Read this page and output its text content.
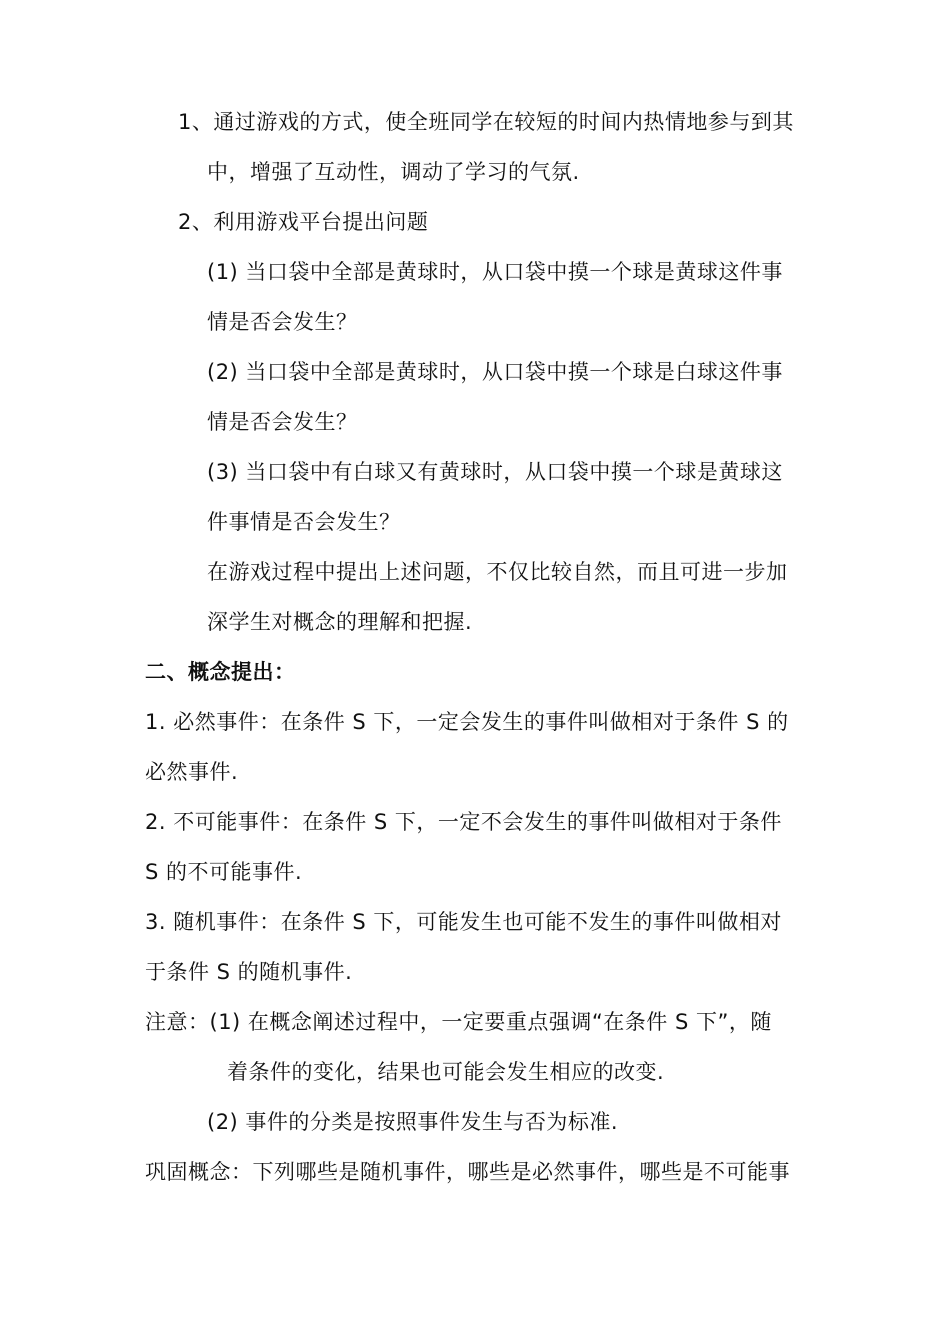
1、通过游戏的方式，使全班同学在较短的时间内热情地参与到其
中，增强了互动性，调动了学习的气氛.
2、利用游戏平台提出问题
(1) 当口袋中全部是黄球时，从口袋中摸一个球是黄球这件事
情是否会发生？
(2) 当口袋中全部是黄球时，从口袋中摸一个球是白球这件事
情是否会发生？
(3) 当口袋中有白球又有黄球时，从口袋中摸一个球是黄球这
件事情是否会发生？
在游戏过程中提出上述问题，不仅比较自然，而且可进一步加
深学生对概念的理解和把握.
二、概念提出：
1. 必然事件：在条件 S 下，一定会发生的事件叫做相对于条件 S 的
必然事件.
2. 不可能事件：在条件 S 下，一定不会发生的事件叫做相对于条件
S 的不可能事件.
3. 随机事件：在条件 S 下，可能发生也可能不发生的事件叫做相对
于条件 S 的随机事件.
注意：(1) 在概念阐述过程中，一定要重点强调“在条件 S 下”，随
着条件的变化，结果也可能会发生相应的改变.
(2) 事件的分类是按照事件发生与否为标准.
巩固概念：下列哪些是随机事件，哪些是必然事件，哪些是不可能事
